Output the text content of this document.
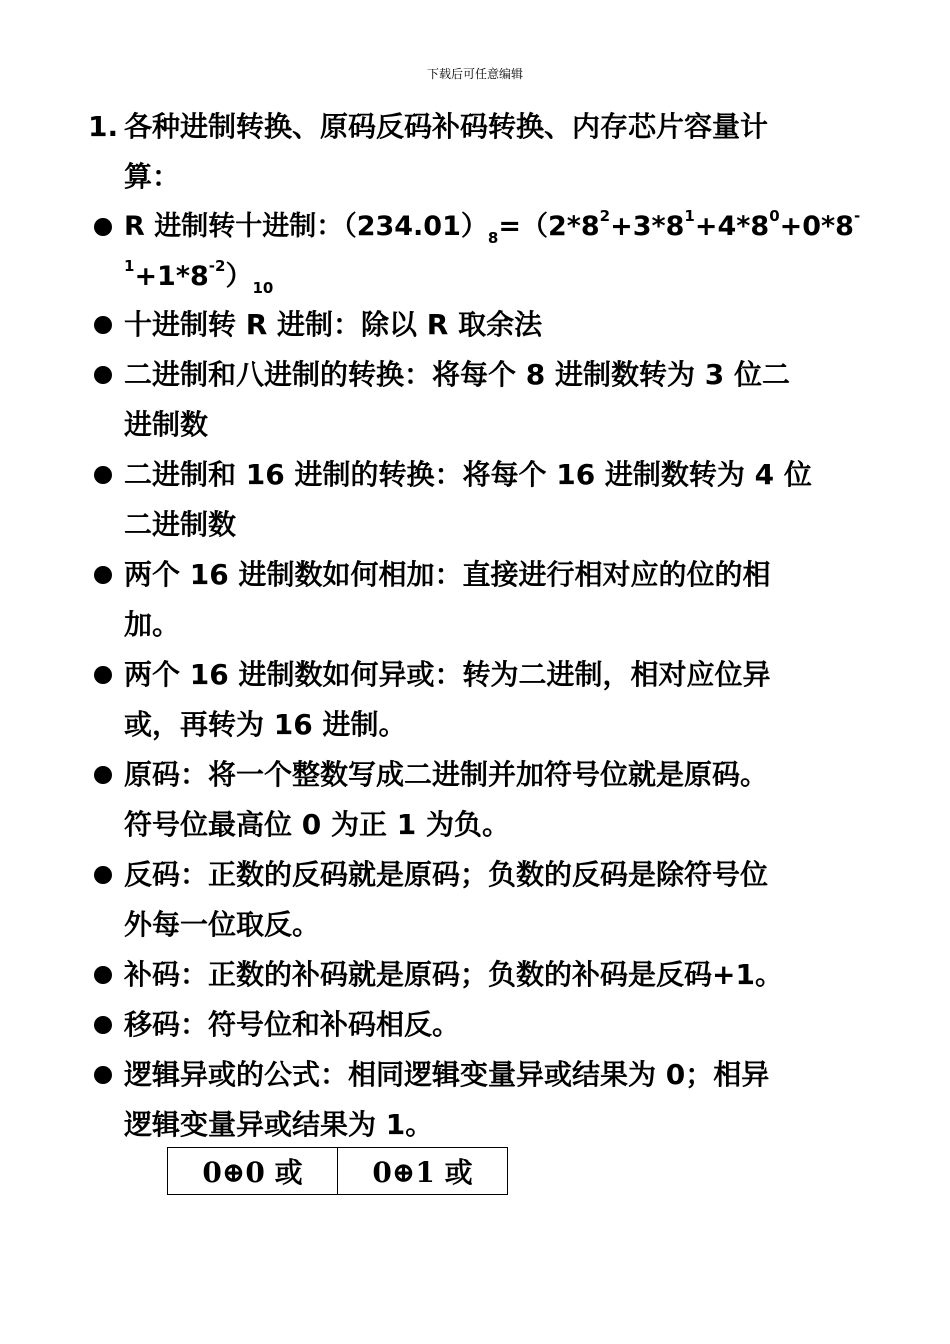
下载后可任意编辑
1. 各种进制转换、原码反码补码转换、内存芯片容量计
算：
R 进制转十进制：$(234.01)_8=(2*8^2+3*8^1+4*8^0+0*8^-$
$^1+1*8^{-2})_{10}$
十进制转 R 进制：除以 R 取余法
二进制和八进制的转换：将每个 8 进制数转为 3 位二
进制数
二进制和 16 进制的转换：将每个 16 进制数转为 4 位
二进制数
两个 16 进制数如何相加：直接进行相对应的位的相
加。
两个 16 进制数如何异或：转为二进制，相对应位异
或，再转为 16 进制。
原码：将一个整数写成二进制并加符号位就是原码。
符号位最高位 0 为正 1 为负。
反码：正数的反码就是原码；负数的反码是除符号位
外每一位取反。
补码：正数的补码就是原码；负数的补码是反码+1。
移码：符号位和补码相反。
逻辑异或的公式：相同逻辑变量异或结果为 0；相异
逻辑变量异或结果为 1。
0⊕0 或	0⊕1 或
